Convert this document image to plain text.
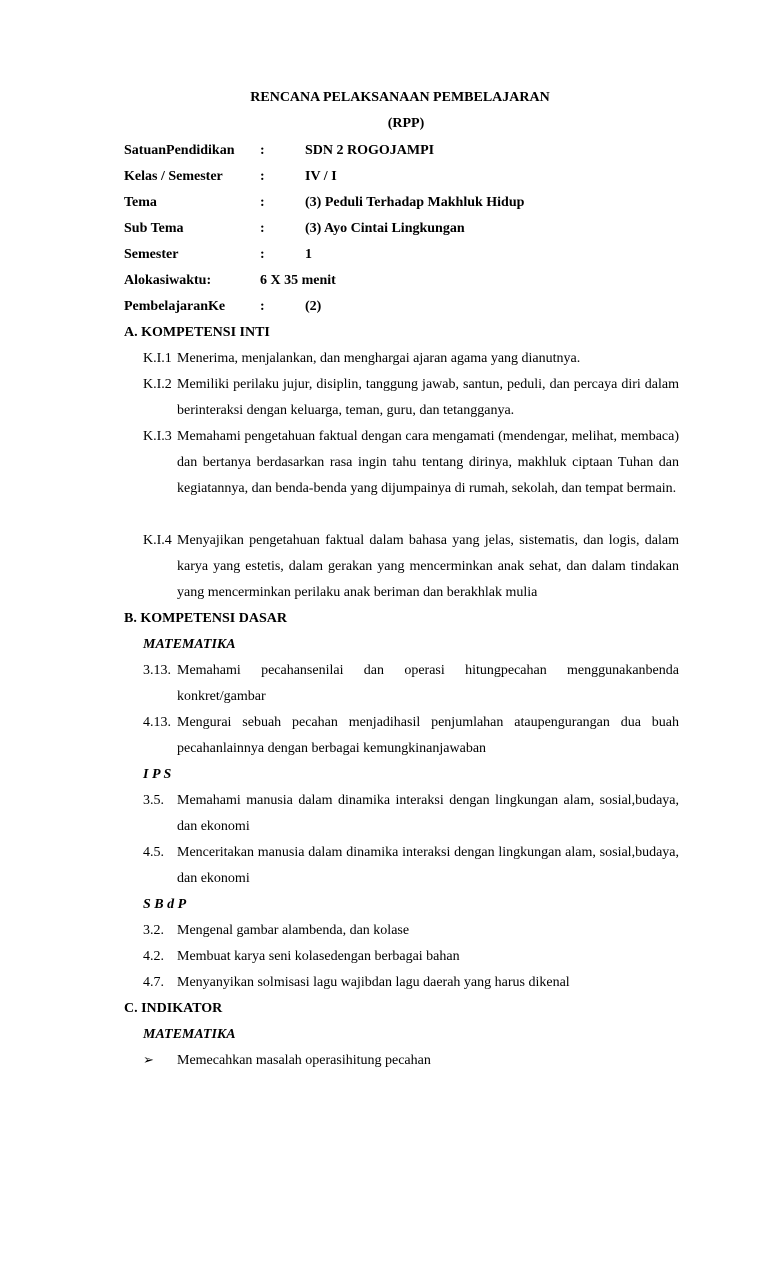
RENCANA PELAKSANAAN PEMBELAJARAN
(RPP)
SatuanPendidikan :	SDN 2 ROGOJAMPI
Kelas / Semester	:	IV / I
Tema	:	(3) Peduli Terhadap Makhluk Hidup
Sub Tema	:	(3) Ayo Cintai Lingkungan
Semester	:	1
Alokasiwaktu:	6 X 35 menit
PembelajaranKe :	(2)
A. KOMPETENSI INTI
K.I.1 Menerima, menjalankan, dan menghargai ajaran agama yang dianutnya.
K.I.2 Memiliki perilaku jujur, disiplin, tanggung jawab, santun, peduli, dan percaya diri dalam berinteraksi dengan keluarga, teman, guru, dan tetangganya.
K.I.3 Memahami pengetahuan faktual dengan cara mengamati (mendengar, melihat, membaca) dan bertanya berdasarkan rasa ingin tahu tentang dirinya, makhluk ciptaan Tuhan dan kegiatannya, dan benda-benda yang dijumpainya di rumah, sekolah, dan tempat bermain.
K.I.4 Menyajikan pengetahuan faktual dalam bahasa yang jelas, sistematis, dan logis, dalam karya yang estetis, dalam gerakan yang mencerminkan anak sehat, dan dalam tindakan yang mencerminkan perilaku anak beriman dan berakhlak mulia
B. KOMPETENSI DASAR
MATEMATIKA
3.13. Memahami pecahansenilai dan operasi hitungpecahan menggunakanbenda konkret/gambar
4.13. Mengurai sebuah pecahan menjadihasil penjumlahan ataupengurangan dua buah pecahanlainnya dengan berbagai kemungkinanjawaban
I P S
3.5. Memahami manusia dalam dinamika interaksi dengan lingkungan alam, sosial,budaya, dan ekonomi
4.5. Menceritakan manusia dalam dinamika interaksi dengan lingkungan alam, sosial,budaya, dan ekonomi
S B d P
3.2. Mengenal gambar alambenda, dan kolase
4.2. Membuat karya seni kolasedengan berbagai bahan
4.7. Menyanyikan solmisasi lagu wajibdan lagu daerah yang harus dikenal
C. INDIKATOR
MATEMATIKA
➢ Memecahkan masalah operasihitung pecahan
